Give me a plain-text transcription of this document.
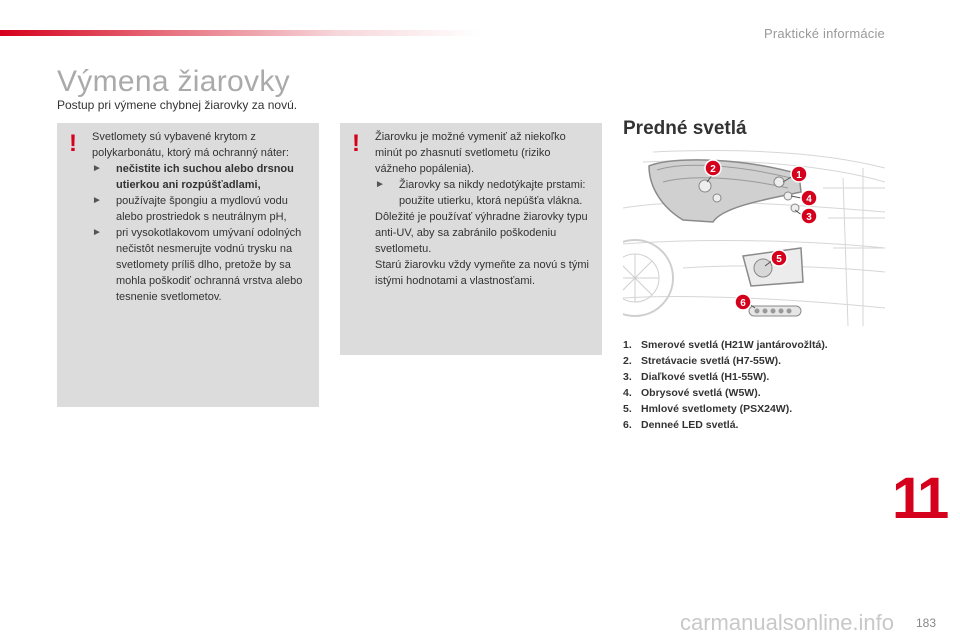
Praktické informácie
Výmena žiarovky
Postup pri výmene chybnej žiarovky za novú.
! Svetlomety sú vybavené krytom z polykarbonátu, ktorý má ochranný náter:

► nečistite ich suchou alebo drsnou utierkou ani rozpúšťadlami,

► používajte špongiu a mydlovú vodu alebo prostriedok s neutrálnym pH,

► pri vysokotlakovom umývaní odolných nečistôt nesmerujte vodnú trysku na svetlomety príliš dlho, pretože by sa mohla poškodiť ochranná vrstva alebo tesnenie svetlometov.

! Žiarovku je možné vymeniť až niekoľko minút po zhasnutí svetlometu (riziko vážneho popálenia).

► Žiarovky sa nikdy nedotýkajte prstami: použite utierku, ktorá nepúšťa vlákna.

Dôležité je používať výhradne žiarovky typu anti-UV, aby sa zabránilo poškodeniu svetlometu.

Starú žiarovku vždy vymeňte za novú s tými istými hodnotami a vlastnosťami.

Predné svetlá
1
2
3
4
5
6
1. Smerové svetlá (H21W jantárovožltá).
2. Stretávacie svetlá (H7-55W).
3. Diaľkové svetlá (H1-55W).
4. Obrysové svetlá (W5W).
5. Hmlové svetlomety (PSX24W).
6. Denneé LED svetlá.
11
carmanualsonline.info 183
